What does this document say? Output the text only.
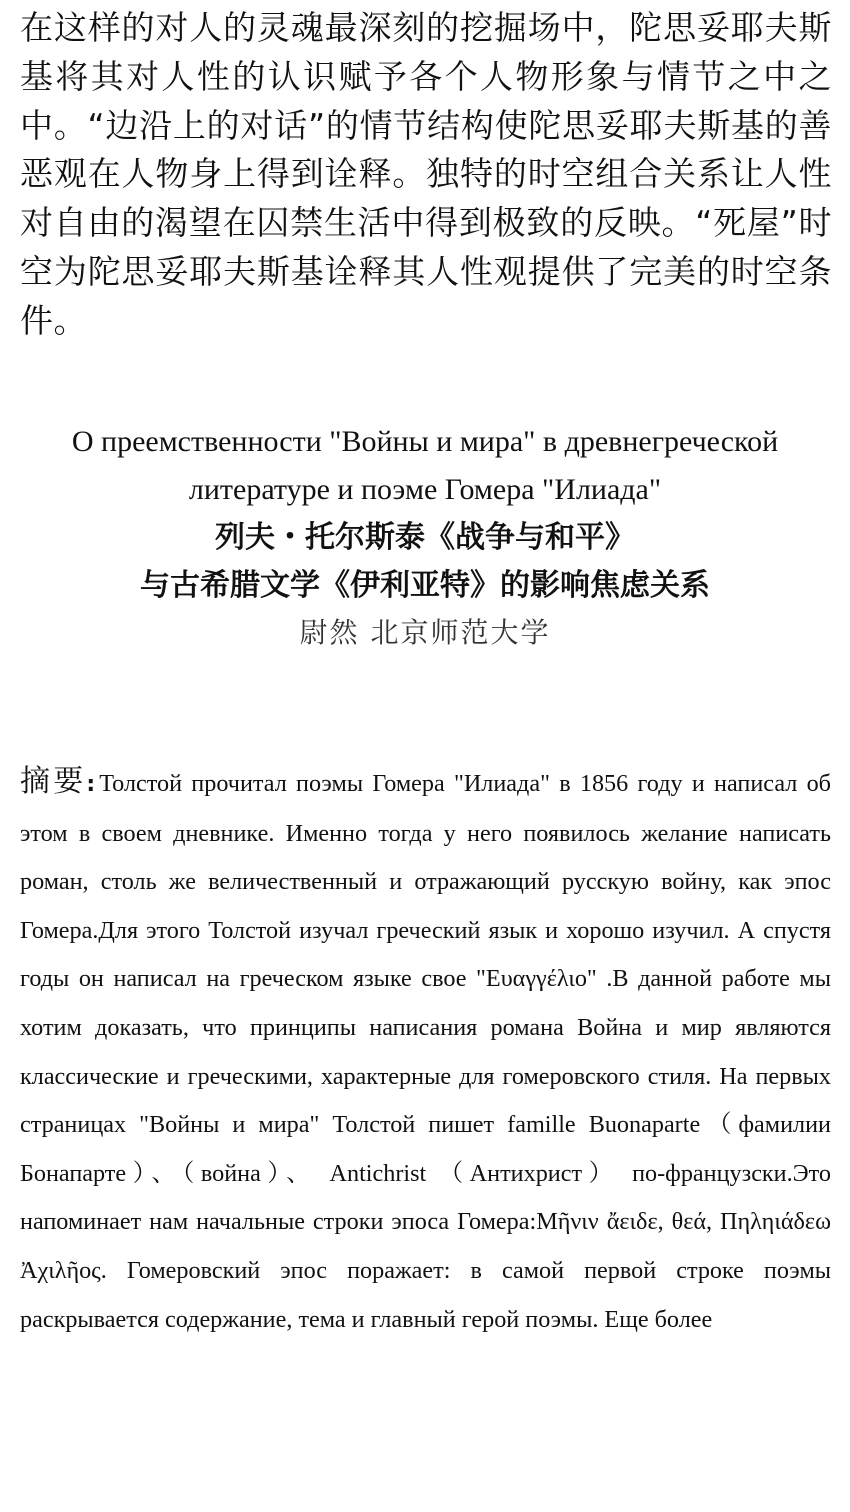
在这样的对人的灵魂最深刻的挖掘场中，陀思妥耶夫斯基将其对人性的认识赋予各个人物形象与情节之中之中。“边沿上的对话”的情节结构使陀思妥耶夫斯基的善恶观在人物身上得到诠释。独特的时空组合关系让人性对自由的渴望在囚禁生活中得到极致的反映。“死屋”时空为陀思妥耶夫斯基诠释其人性观提供了完美的时空条件。

О преемственности "Войны и мира" в древнегреческой литературе и поэме Гомера "Илиада"

列夫・托尔斯泰《战争与和平》

与古希腊文学《伊利亚特》的影响焦虑关系

尉然 北京师范大学

摘要: Толстой прочитал поэмы Гомера "Илиада" в 1856 году и написал об этом в своем дневнике. Именно тогда у него появилось желание написать роман, столь же величественный и отражающий русскую войну, как эпос Гомера.Для этого Толстой изучал греческий язык и хорошо изучил. А спустя годы он написал на греческом языке свое "Ευαγγέλιο" .В данной работе мы хотим доказать, что принципы написания романа Война и мир являются классические и греческими, характерные для гомеровского стиля. На первых страницах "Войны и мира" Толстой пишет famille Buonaparte（фамилии Бонапарте）、（война）、 Antichrist （Антихрист） по-французски.Это напоминает нам начальные строки эпоса Гомера:Μῆνιν ἄειδε, θεά, Πηληιάδεω Ἀχιλῆος. Гомеровский эпос поражает: в самой первой строке поэмы раскрывается содержание, тема и главный герой поэмы. Еще более
